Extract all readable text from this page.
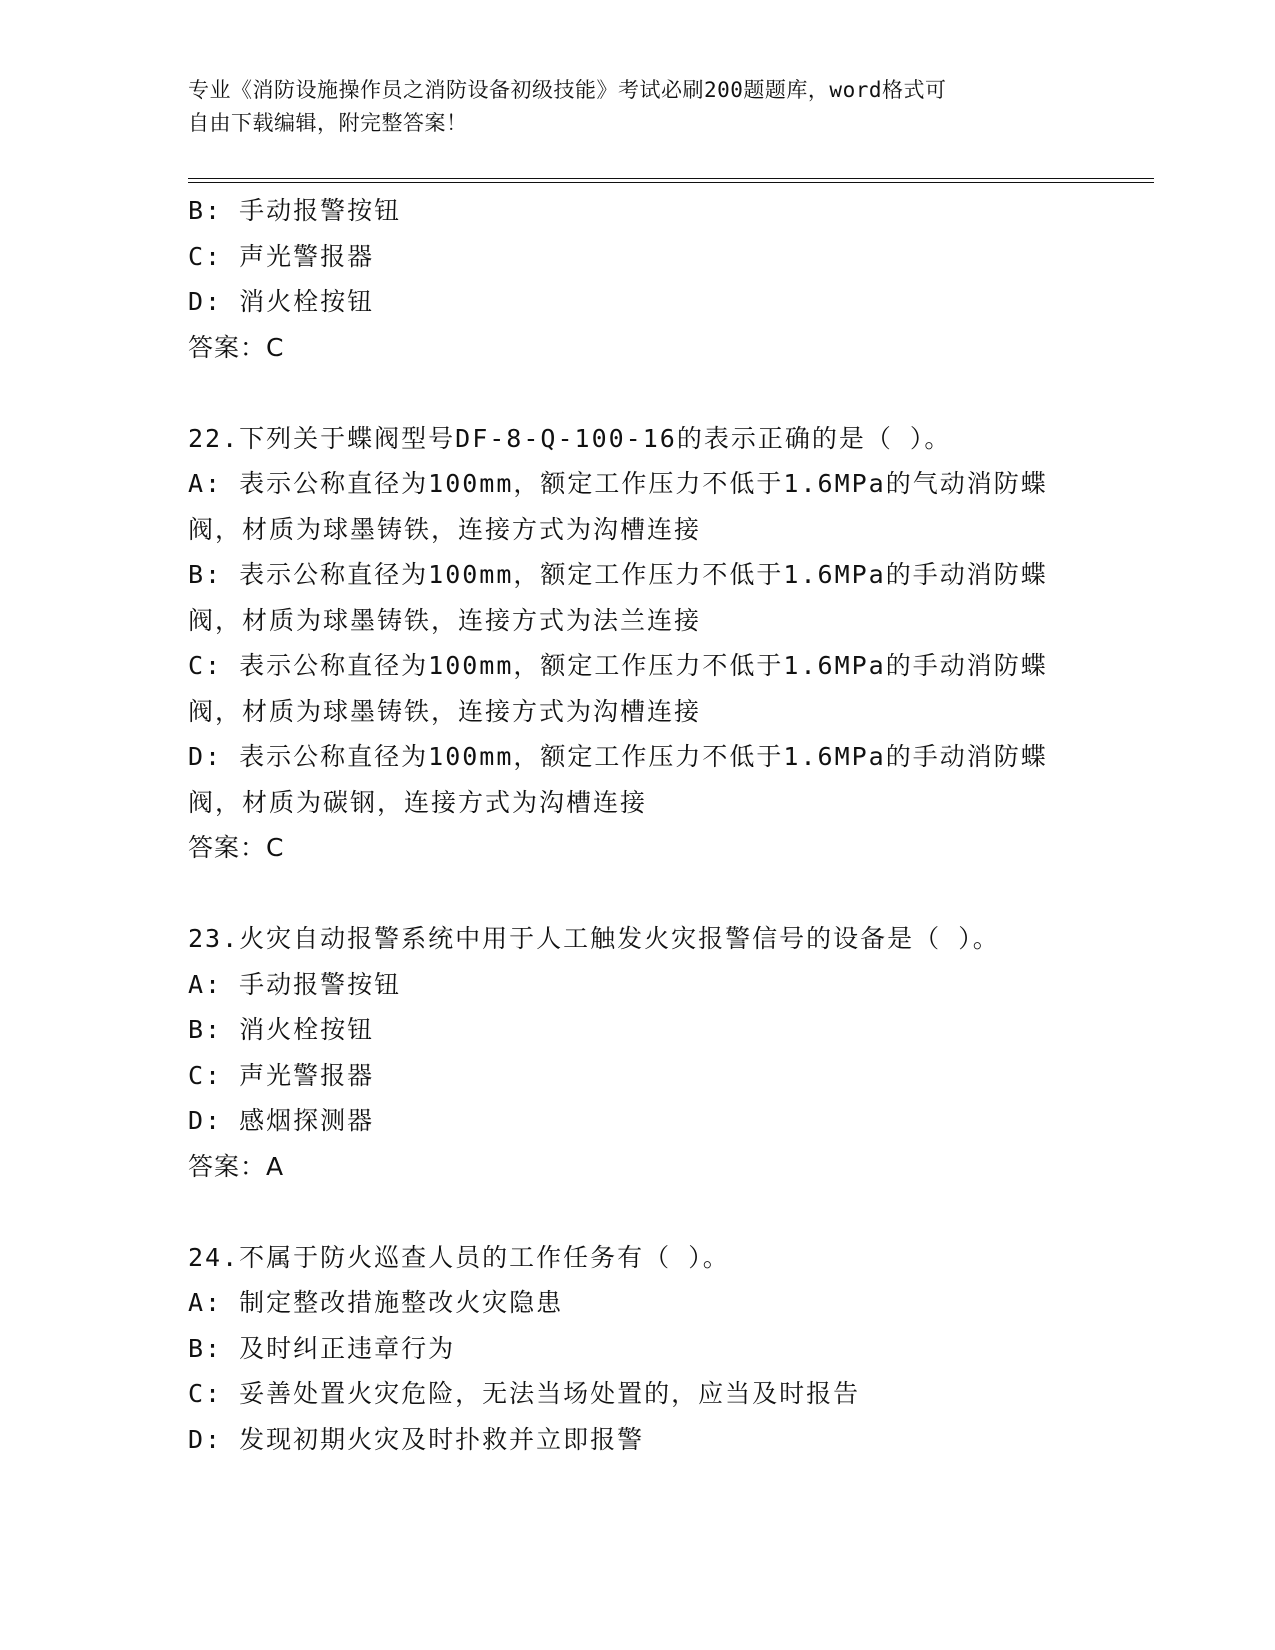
专业《消防设施操作员之消防设备初级技能》考试必刷200题题库，word格式可
自由下载编辑，附完整答案！
B: 手动报警按钮
C: 声光警报器
D: 消火栓按钮
答案：C
22.下列关于蝶阀型号DF-8-Q-100-16的表示正确的是（ ）。
A: 表示公称直径为100mm，额定工作压力不低于1.6MPa的气动消防蝶
阀，材质为球墨铸铁，连接方式为沟槽连接
B: 表示公称直径为100mm，额定工作压力不低于1.6MPa的手动消防蝶
阀，材质为球墨铸铁，连接方式为法兰连接
C: 表示公称直径为100mm，额定工作压力不低于1.6MPa的手动消防蝶
阀，材质为球墨铸铁，连接方式为沟槽连接
D: 表示公称直径为100mm，额定工作压力不低于1.6MPa的手动消防蝶
阀，材质为碳钢，连接方式为沟槽连接
答案：C
23.火灾自动报警系统中用于人工触发火灾报警信号的设备是（ ）。
A: 手动报警按钮
B: 消火栓按钮
C: 声光警报器
D: 感烟探测器
答案：A
24.不属于防火巡查人员的工作任务有（ ）。
A: 制定整改措施整改火灾隐患
B: 及时纠正违章行为
C: 妥善处置火灾危险，无法当场处置的，应当及时报告
D: 发现初期火灾及时扑救并立即报警
